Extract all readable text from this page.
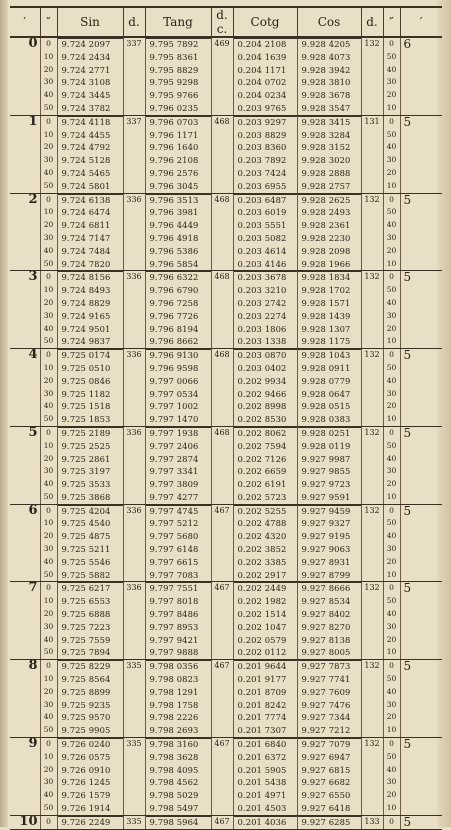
′	″	Sin	d.	Tang	d. c.	Cotg	Cos	d.	″	′
0	0	9.724 2097	337	9.795 7892	469	0.204 2108	9.928 4205	132	0	6
	10	9.724 2434		9.795 8361		0.204 1639	9.928 4073		50	
	20	9.724 2771		9.795 8829		0.204 1171	9.928 3942		40	
	30	9.724 3108		9.795 9298		0.204 0702	9.928 3810		30	
	40	9.724 3445		9.795 9766		0.204 0234	9.928 3678		20	
	50	9.724 3782		9.796 0235		0.203 9765	9.928 3547		10	
1	0	9.724 4118	337	9.796 0703	468	0.203 9297	9.928 3415	131	0	5
	10	9.724 4455		9.796 1171		0.203 8829	9.928 3284		50	
	20	9.724 4792		9.796 1640		0.203 8360	9.928 3152		40	
	30	9.724 5128		9.796 2108		0.203 7892	9.928 3020		30	
	40	9.724 5465		9.796 2576		0.203 7424	9.928 2888		20	
	50	9.724 5801		9.796 3045		0.203 6955	9.928 2757		10	
2	0	9.724 6138	336	9.796 3513	468	0.203 6487	9.928 2625	132	0	5
	10	9.724 6474		9.796 3981		0.203 6019	9.928 2493		50	
	20	9.724 6811		9.796 4449		0.203 5551	9.928 2361		40	
	30	9.724 7147		9.796 4918		0.203 5082	9.928 2230		30	
	40	9.724 7484		9.796 5386		0.203 4614	9.928 2098		20	
	50	9.724 7820		9.796 5854		0.203 4146	9.928 1966		10	
3	0	9.724 8156	336	9.796 6322	468	0.203 3678	9.928 1834	132	0	5
	10	9.724 8493		9.796 6790		0.203 3210	9.928 1702		50	
	20	9.724 8829		9.796 7258		0.203 2742	9.928 1571		40	
	30	9.724 9165		9.796 7726		0.203 2274	9.928 1439		30	
	40	9.724 9501		9.796 8194		0.203 1806	9.928 1307		20	
	50	9.724 9837		9.796 8662		0.203 1338	9.928 1175		10	
4	0	9.725 0174	336	9.796 9130	468	0.203 0870	9.928 1043	132	0	5
	10	9.725 0510		9.796 9598		0.203 0402	9.928 0911		50	
	20	9.725 0846		9.797 0066		0.202 9934	9.928 0779		40	
	30	9.725 1182		9.797 0534		0.202 9466	9.928 0647		30	
	40	9.725 1518		9.797 1002		0.202 8998	9.928 0515		20	
	50	9.725 1853		9.797 1470		0.202 8530	9.928 0383		10	
5	0	9.725 2189	336	9.797 1938	468	0.202 8062	9.928 0251	132	0	5
	10	9.725 2525		9.797 2406		0.202 7594	9.928 0119		50	
	20	9.725 2861		9.797 2874		0.202 7126	9.927 9987		40	
	30	9.725 3197		9.797 3341		0.202 6659	9.927 9855		30	
	40	9.725 3533		9.797 3809		0.202 6191	9.927 9723		20	
	50	9.725 3868		9.797 4277		0.202 5723	9.927 9591		10	
6	0	9.725 4204	336	9.797 4745	467	0.202 5255	9.927 9459	132	0	5
	10	9.725 4540		9.797 5212		0.202 4788	9.927 9327		50	
	20	9.725 4875		9.797 5680		0.202 4320	9.927 9195		40	
	30	9.725 5211		9.797 6148		0.202 3852	9.927 9063		30	
	40	9.725 5546		9.797 6615		0.202 3385	9.927 8931		20	
	50	9.725 5882		9.797 7083		0.202 2917	9.927 8799		10	
7	0	9.725 6217	336	9.797 7551	467	0.202 2449	9.927 8666	132	0	5
	10	9.725 6553		9.797 8018		0.202 1982	9.927 8534		50	
	20	9.725 6888		9.797 8486		0.202 1514	9.927 8402		40	
	30	9.725 7223		9.797 8953		0.202 1047	9.927 8270		30	
	40	9.725 7559		9.797 9421		0.202 0579	9.927 8138		20	
	50	9.725 7894		9.797 9888		0.202 0112	9.927 8005		10	
8	0	9.725 8229	335	9.798 0356	467	0.201 9644	9.927 7873	132	0	5
	10	9.725 8564		9.798 0823		0.201 9177	9.927 7741		50	
	20	9.725 8899		9.798 1291		0.201 8709	9.927 7609		40	
	30	9.725 9235		9.798 1758		0.201 8242	9.927 7476		30	
	40	9.725 9570		9.798 2226		0.201 7774	9.927 7344		20	
	50	9.725 9905		9.798 2693		0.201 7307	9.927 7212		10	
9	0	9.726 0240	335	9.798 3160	467	0.201 6840	9.927 7079	132	0	5
	10	9.726 0575		9.798 3628		0.201 6372	9.927 6947		50	
	20	9.726 0910		9.798 4095		0.201 5905	9.927 6815		40	
	30	9.726 1245		9.798 4562		0.201 5438	9.927 6682		30	
	40	9.726 1579		9.798 5029		0.201 4971	9.927 6550		20	
	50	9.726 1914		9.798 5497		0.201 4503	9.927 6418		10	
10	0	9.726 2249	335	9.798 5964	467	0.201 4036	9.927 6285	133	0	5
